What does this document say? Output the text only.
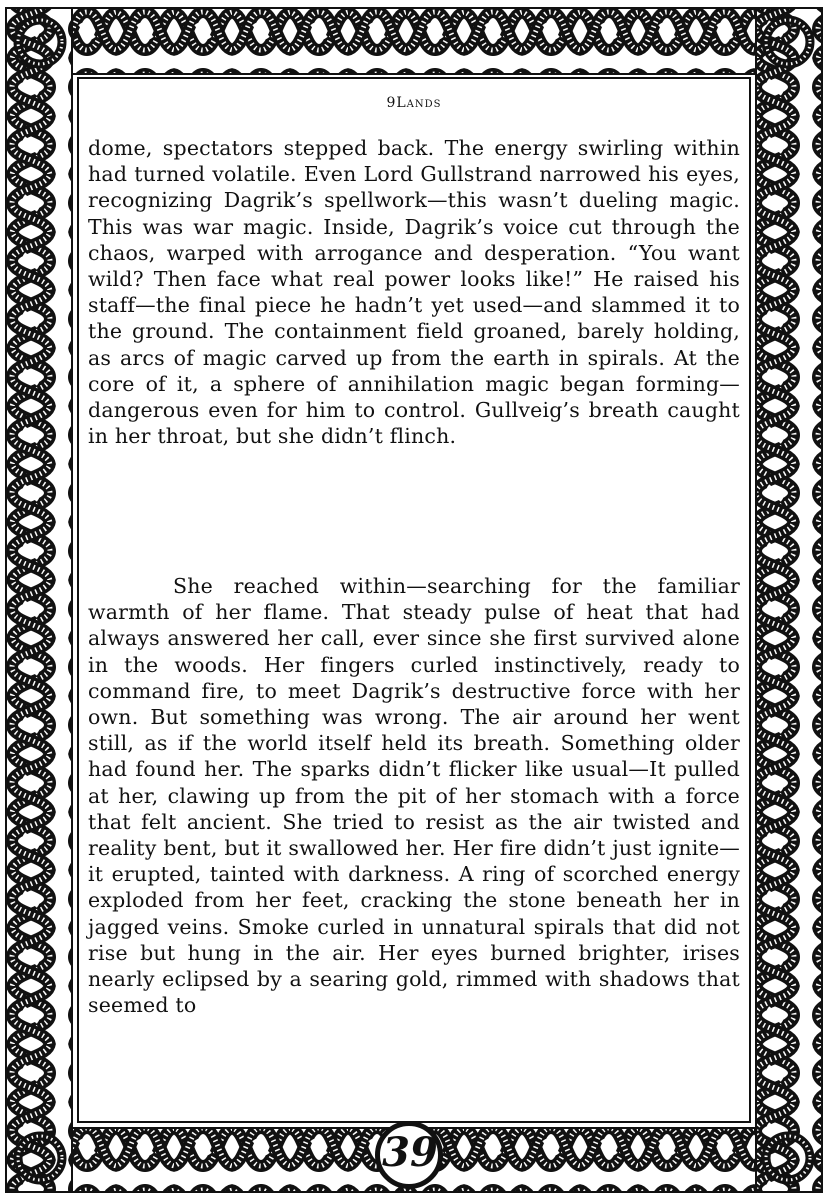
9Lands

dome, spectators stepped back. The energy swirling within had turned volatile. Even Lord Gullstrand narrowed his eyes, recognizing Dagrik’s spellwork—this wasn’t dueling magic. This was war magic. Inside, Dagrik’s voice cut through the chaos, warped with arrogance and desperation. “You want wild? Then face what real power looks like!” He raised his staff—the final piece he hadn’t yet used—and slammed it to the ground. The containment field groaned, barely holding, as arcs of magic carved up from the earth in spirals. At the core of it, a sphere of annihilation magic began forming—dangerous even for him to control. Gullveig’s breath caught in her throat, but she didn’t flinch.

She reached within—searching for the familiar warmth of her flame. That steady pulse of heat that had always answered her call, ever since she first survived alone in the woods. Her fingers curled instinctively, ready to command fire, to meet Dagrik’s destructive force with her own. But something was wrong. The air around her went still, as if the world itself held its breath. Something older had found her. The sparks didn’t flicker like usual—It pulled at her, clawing up from the pit of her stomach with a force that felt ancient. She tried to resist as the air twisted and reality bent, but it swallowed her. Her fire didn’t just ignite—it erupted, tainted with darkness. A ring of scorched energy exploded from her feet, cracking the stone beneath her in jagged veins. Smoke curled in unnatural spirals that did not rise but hung in the air. Her eyes burned brighter, irises nearly eclipsed by a searing gold, rimmed with shadows that seemed to

39
